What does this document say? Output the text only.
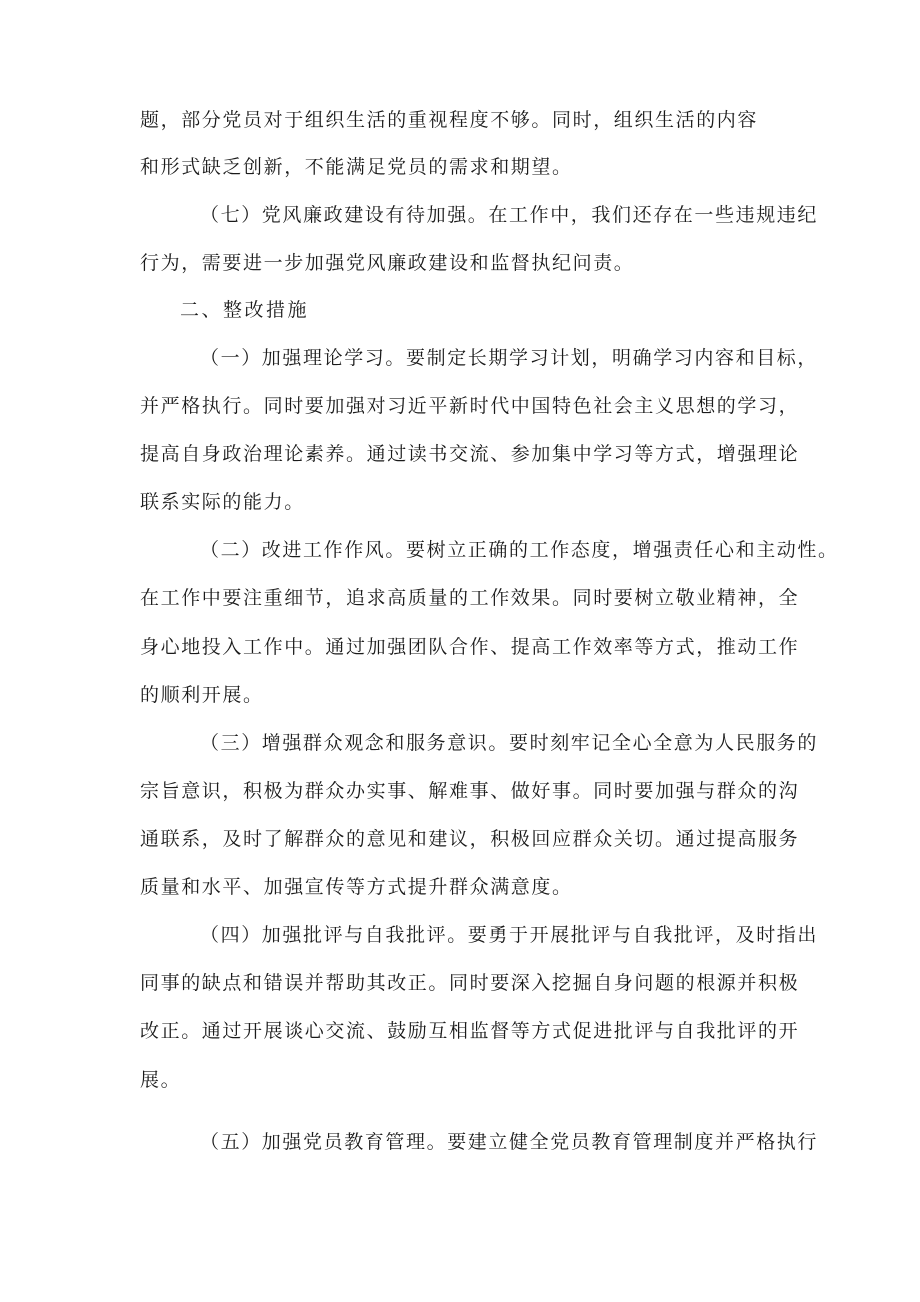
题，部分党员对于组织生活的重视程度不够。同时，组织生活的内容
和形式缺乏创新，不能满足党员的需求和期望。
（七）党风廉政建设有待加强。在工作中，我们还存在一些违规违纪
行为，需要进一步加强党风廉政建设和监督执纪问责。
二、整改措施
（一）加强理论学习。要制定长期学习计划，明确学习内容和目标，
并严格执行。同时要加强对习近平新时代中国特色社会主义思想的学习，
提高自身政治理论素养。通过读书交流、参加集中学习等方式，增强理论
联系实际的能力。
（二）改进工作作风。要树立正确的工作态度，增强责任心和主动性。
在工作中要注重细节，追求高质量的工作效果。同时要树立敬业精神，全
身心地投入工作中。通过加强团队合作、提高工作效率等方式，推动工作
的顺利开展。
（三）增强群众观念和服务意识。要时刻牢记全心全意为人民服务的
宗旨意识，积极为群众办实事、解难事、做好事。同时要加强与群众的沟
通联系，及时了解群众的意见和建议，积极回应群众关切。通过提高服务
质量和水平、加强宣传等方式提升群众满意度。
（四）加强批评与自我批评。要勇于开展批评与自我批评，及时指出
同事的缺点和错误并帮助其改正。同时要深入挖掘自身问题的根源并积极
改正。通过开展谈心交流、鼓励互相监督等方式促进批评与自我批评的开
展。
（五）加强党员教育管理。要建立健全党员教育管理制度并严格执行
